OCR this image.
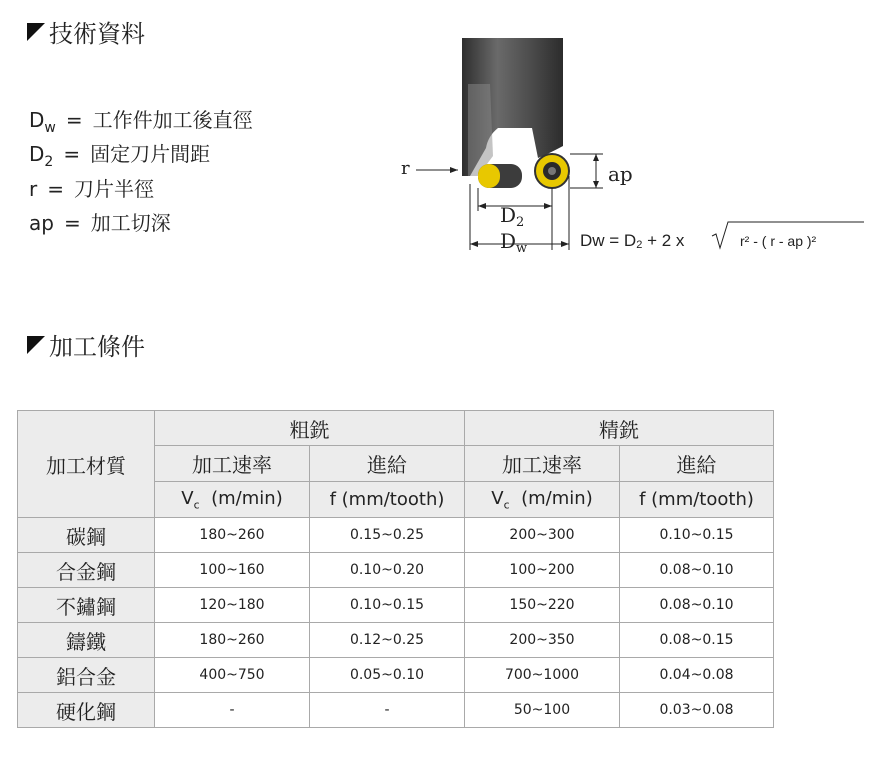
技術資料
$D_w$ = 工作件加工後直徑
$D_2$ = 固定刀片間距
r = 刀片半徑
ap = 加工切深
r	ap
$D_2$
$D_w$	Dw = D2 + 2 x	r² - ( r - ap )²
加工條件
加工材質	粗銑		精銑	
	加工速率	進給	加工速率	進給
	$V_c$ (m/min)	f (mm/tooth)	$V_c$ (m/min)	f (mm/tooth)
碳鋼	180~260	0.15~0.25	200~300	0.10~0.15
合金鋼	100~160	0.10~0.20	100~200	0.08~0.10
不鏽鋼	120~180	0.10~0.15	150~220	0.08~0.10
鑄鐵	180~260	0.12~0.25	200~350	0.08~0.15
鋁合金	400~750	0.05~0.10	700~1000	0.04~0.08
硬化鋼	-	-	50~100	0.03~0.08
